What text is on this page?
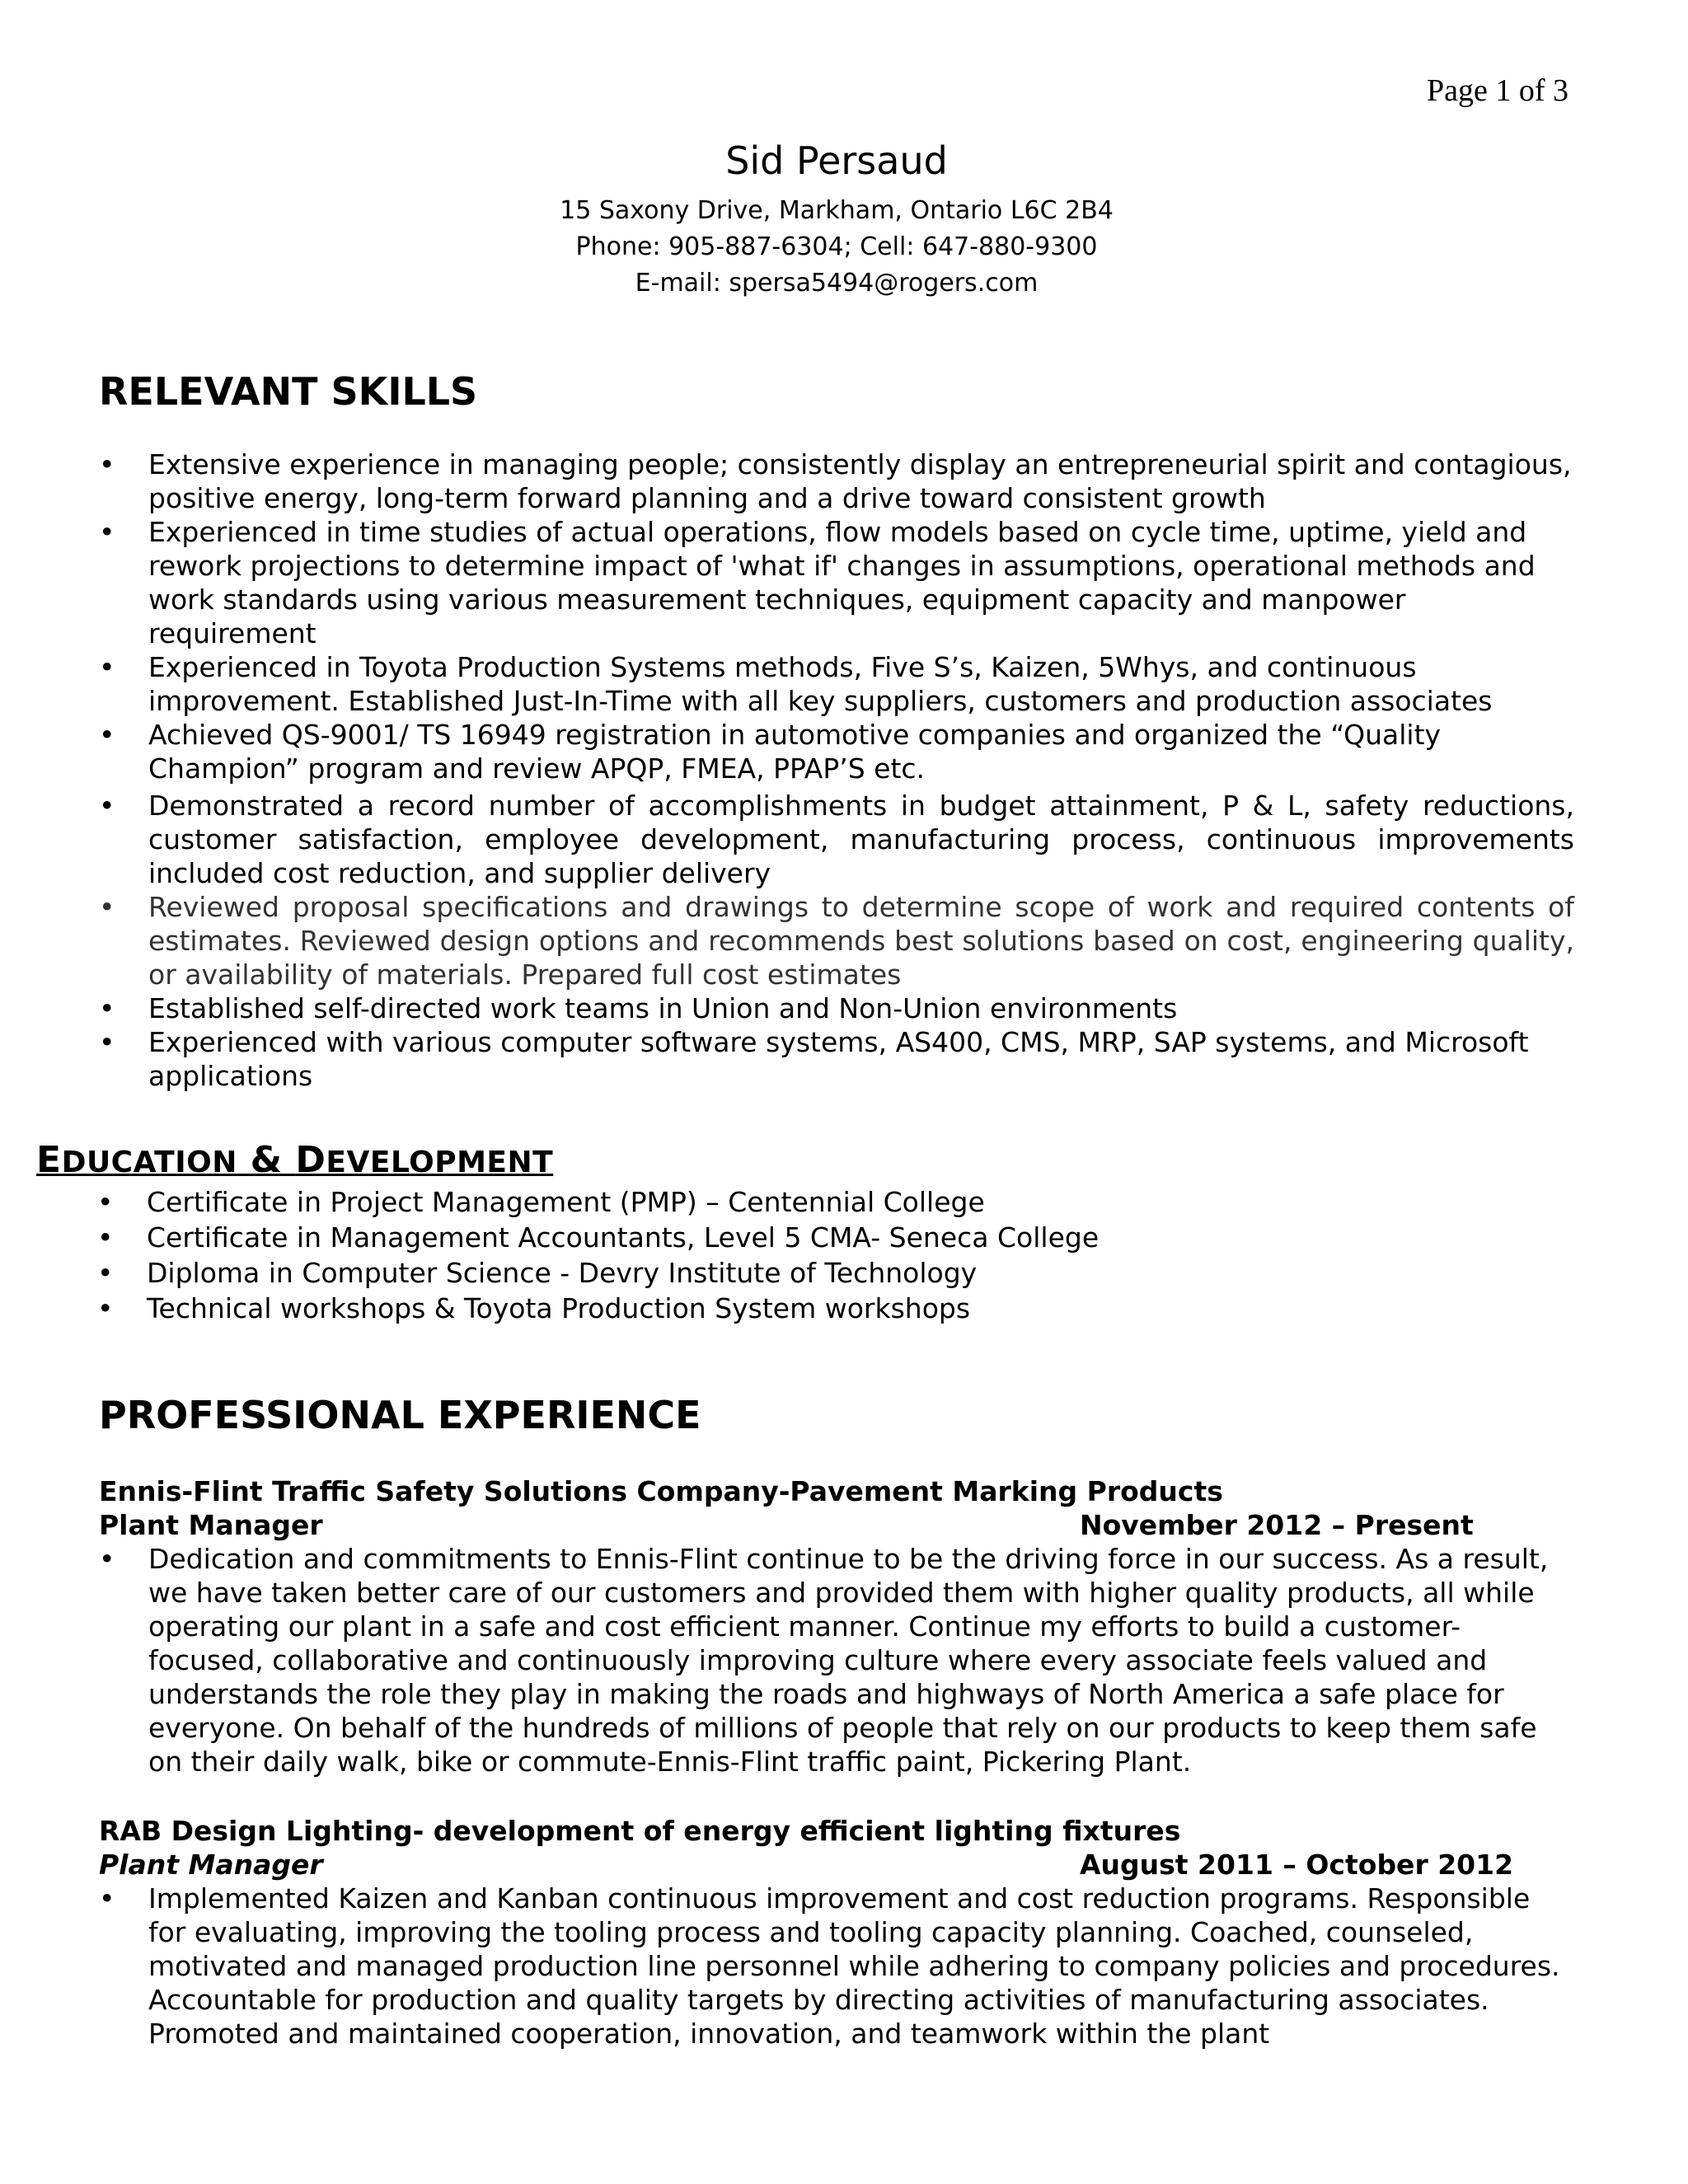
Page 1 of 3
Sid Persaud
15 Saxony Drive, Markham, Ontario L6C 2B4
Phone: 905-887-6304; Cell: 647-880-9300
E-mail: spersa5494@rogers.com
RELEVANT SKILLS
• Extensive experience in managing people; consistently display an entrepreneurial spirit and contagious, positive energy, long-term forward planning and a drive toward consistent growth
• Experienced in time studies of actual operations, flow models based on cycle time, uptime, yield and rework projections to determine impact of 'what if' changes in assumptions, operational methods and work standards using various measurement techniques, equipment capacity and manpower requirement
• Experienced in Toyota Production Systems methods, Five S’s, Kaizen, 5Whys, and continuous improvement. Established Just-In-Time with all key suppliers, customers and production associates
• Achieved QS-9001/ TS 16949 registration in automotive companies and organized the “Quality Champion” program and review APQP, FMEA, PPAP’S etc.
• Demonstrated a record number of accomplishments in budget attainment, P & L, safety reductions, customer satisfaction, employee development, manufacturing process, continuous improvements included cost reduction, and supplier delivery
• Reviewed proposal specifications and drawings to determine scope of work and required contents of estimates. Reviewed design options and recommends best solutions based on cost, engineering quality, or availability of materials. Prepared full cost estimates
• Established self-directed work teams in Union and Non-Union environments
• Experienced with various computer software systems, AS400, CMS, MRP, SAP systems, and Microsoft applications
EDUCATION & DEVELOPMENT
• Certificate in Project Management (PMP) – Centennial College
• Certificate in Management Accountants, Level 5 CMA- Seneca College
• Diploma in Computer Science - Devry Institute of Technology
• Technical workshops & Toyota Production System workshops
PROFESSIONAL EXPERIENCE
Ennis-Flint Traffic Safety Solutions Company-Pavement Marking Products
Plant Manager	November 2012 – Present
• Dedication and commitments to Ennis-Flint continue to be the driving force in our success. As a result, we have taken better care of our customers and provided them with higher quality products, all while operating our plant in a safe and cost efficient manner. Continue my efforts to build a customer-focused, collaborative and continuously improving culture where every associate feels valued and understands the role they play in making the roads and highways of North America a safe place for everyone. On behalf of the hundreds of millions of people that rely on our products to keep them safe on their daily walk, bike or commute-Ennis-Flint traffic paint, Pickering Plant.
RAB Design Lighting- development of energy efficient lighting fixtures
Plant Manager	August 2011 – October 2012
• Implemented Kaizen and Kanban continuous improvement and cost reduction programs. Responsible for evaluating, improving the tooling process and tooling capacity planning. Coached, counseled, motivated and managed production line personnel while adhering to company policies and procedures. Accountable for production and quality targets by directing activities of manufacturing associates. Promoted and maintained cooperation, innovation, and teamwork within the plant
